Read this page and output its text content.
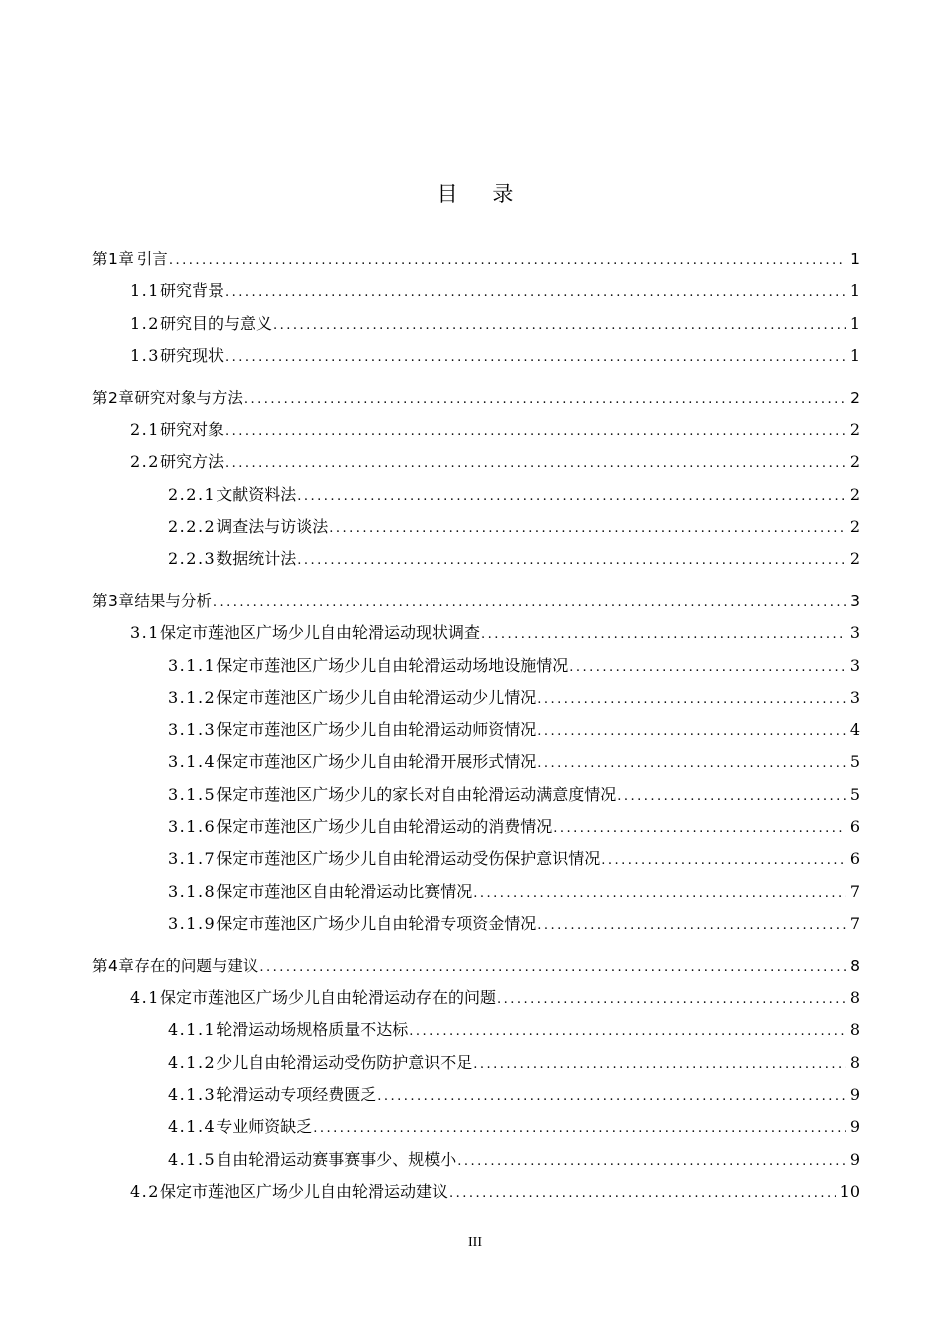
目 录
第1章 引言 .....	1
1.1 研究背景 .....	1
1.2 研究目的与意义 .....	1
1.3 研究现状 .....	1
第2章 研究对象与方法 .....	2
2.1 研究对象 .....	2
2.2 研究方法 .....	2
2.2.1 文献资料法 .....	2
2.2.2 调查法与访谈法 .....	2
2.2.3 数据统计法 .....	2
第3章 结果与分析 .....	3
3.1 保定市莲池区广场少儿自由轮滑运动现状调查 .....	3
3.1.1 保定市莲池区广场少儿自由轮滑运动场地设施情况 .....	3
3.1.2 保定市莲池区广场少儿自由轮滑运动少儿情况 .....	3
3.1.3 保定市莲池区广场少儿自由轮滑运动师资情况 .....	4
3.1.4 保定市莲池区广场少儿自由轮滑开展形式情况 .....	5
3.1.5 保定市莲池区广场少儿的家长对自由轮滑运动满意度情况 .....	5
3.1.6 保定市莲池区广场少儿自由轮滑运动的消费情况 .....	6
3.1.7 保定市莲池区广场少儿自由轮滑运动受伤保护意识情况 .....	6
3.1.8 保定市莲池区自由轮滑运动比赛情况 .....	7
3.1.9 保定市莲池区广场少儿自由轮滑专项资金情况 .....	7
第4章 存在的问题与建议 .....	8
4.1 保定市莲池区广场少儿自由轮滑运动存在的问题 .....	8
4.1.1 轮滑运动场规格质量不达标 .....	8
4.1.2 少儿自由轮滑运动受伤防护意识不足 .....	8
4.1.3 轮滑运动专项经费匮乏 .....	9
4.1.4 专业师资缺乏 .....	9
4.1.5 自由轮滑运动赛事赛事少、规模小 .....	9
4.2 保定市莲池区广场少儿自由轮滑运动建议 .....	10
III
